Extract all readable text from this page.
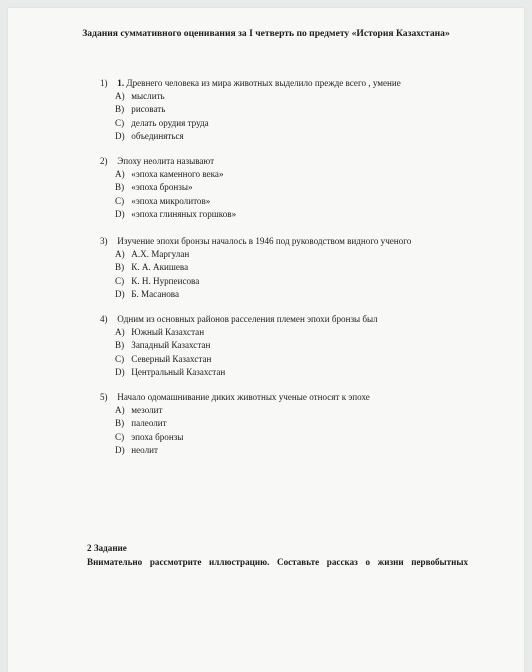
Задания суммативного оценивания за I четверть по предмету «История Казахстана»
1) 1. Древнего человека из мира животных выделило прежде всего , умение
A) мыслить
B) рисовать
C) делать орудия труда
D) объединяться
2) Эпоху неолита называют
A) «эпоха каменного века»
B) «эпоха бронзы»
C) «эпоха микролитов»
D) «эпоха глиняных горшков»
3) Изучение эпохи бронзы началось в 1946 под руководством видного ученого
A) А.Х. Маргулан
B) К. А. Акишева
C) К. Н. Нурпеисова
D) Б. Масанова
4) Одним из основных районов расселения племен эпохи бронзы был
A) Южный Казахстан
B) Западный Казахстан
C) Северный Казахстан
D) Центральный Казахстан
5) Начало одомашнивание диких животных ученые относят к эпохе
A) мезолит
B) палеолит
C) эпоха бронзы
D) неолит
2 Задание
Внимательно рассмотрите иллюстрацию. Составьте рассказ о жизни первобытных
